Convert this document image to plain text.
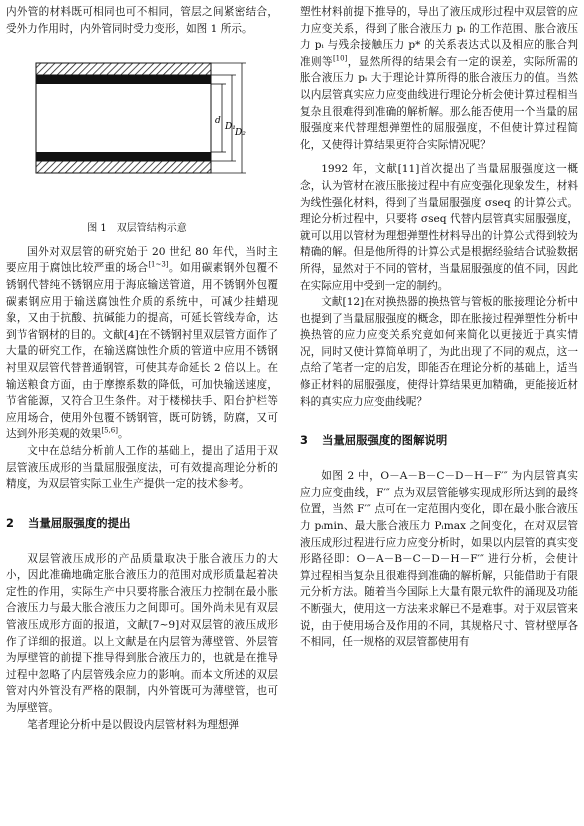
内外管的材料既可相同也可不相同，管层之间紧密结合，受外力作用时，内外管同时受力变形，如图 1 所示。

d
D₁
D₂
图 1 双层管结构示意

国外对双层管的研究始于 20 世纪 80 年代，当时主要应用于腐蚀比较严重的场合[1~3]。如用碳素钢外包覆不锈钢代替纯不锈钢应用于海底输送管道，用不锈钢外包覆碳素钢应用于输送腐蚀性介质的系统中，可减少挂蜡现象，又由于抗酸、抗碱能力的提高，可延长管线寿命，达到节省钢材的目的。文献[4]在不锈钢衬里双层管方面作了大量的研究工作，在输送腐蚀性介质的管道中应用不锈钢衬里双层管代替普通钢管，可使其寿命延长 2 倍以上。在输送粮食方面，由于摩擦系数的降低，可加快输送速度，节省能源，又符合卫生条件。对于楼梯扶手、阳台护栏等应用场合，使用外包覆不锈钢管，既可防锈，防腐，又可达到外形美观的效果[5,6]。

文中在总结分析前人工作的基础上，提出了适用于双层管液压成形的当量屈服强度法，可有效提高理论分析的精度，为双层管实际工业生产提供一定的技术参考。

2 当量屈服强度的提出

双层管液压成形的产品质量取决于胀合液压力的大小，因此准确地确定胀合液压力的范围对成形质量起着决定性的作用，实际生产中只要将胀合液压力控制在最小胀合液压力与最大胀合液压力之间即可。国外尚未见有双层管液压成形方面的报道，文献[7~9]对双层管的液压成形作了详细的报道。以上文献是在内层管为薄壁管、外层管为厚壁管的前提下推导得到胀合液压力的，也就是在推导过程中忽略了内层管残余应力的影响。而本文所述的双层管对内外管没有严格的限制，内外管既可为薄壁管，也可为厚壁管。

笔者理论分析中是以假设内层管材料为理想弹

塑性材料前提下推导的，导出了液压成形过程中双层管的应力应变关系，得到了胀合液压力 pᵢ 的工作范围、胀合液压力 pᵢ 与残余接触压力 p* 的关系表达式以及相应的胀合判准则等[10]，显然所得的结果会有一定的误差，实际所需的胀合液压力 pᵢ 大于理论计算所得的胀合液压力的值。当然以内层管真实应力应变曲线进行理论分析会使计算过程相当复杂且很难得到准确的解析解。那么能否使用一个当量的屈服强度来代替理想弹塑性的屈服强度，不但使计算过程简化，又使得计算结果更符合实际情况呢？

1992 年，文献[11]首次提出了当量屈服强度这一概念，认为管材在液压胀接过程中有应变强化现象发生，材料为线性强化材料，得到了当量屈服强度 σseq 的计算公式。理论分析过程中，只要将 σseq 代替内层管真实屈服强度，就可以用以管材为理想弹塑性材料导出的计算公式得到较为精确的解。但是他所得的计算公式是根据经验结合试验数据所得，显然对于不同的管材，当量屈服强度的值不同，因此在实际应用中受到一定的制约。

文献[12]在对换热器的换热管与管板的胀接理论分析中也提到了当量屈服强度的概念，即在胀接过程弹塑性分析中换热管的应力应变关系究竟如何来简化以更接近于真实情况，同时又使计算简单明了，为此出现了不同的观点，这一点给了笔者一定的启发，即能否在理论分析的基础上，适当修正材料的屈服强度，使得计算结果更加精确，更能接近材料的真实应力应变曲线呢？

3 当量屈服强度的图解说明

如图 2 中，O－A－B－C－D－H－F′″ 为内层管真实应力应变曲线，F′″ 点为双层管能够实现成形所达到的最终位置，当然 F′″ 点可在一定范围内变化，即在最小胀合液压力 pᵢmin、最大胀合液压力 Pᵢmax 之间变化，在对双层管液压成形过程进行应力应变分析时，如果以内层管的真实变形路径即：O－A－B－C－D－H－F′″ 进行分析，会使计算过程相当复杂且很难得到准确的解析解，只能借助于有限元分析方法。随着当今国际上大量有限元软件的涌现及功能不断强大，使用这一方法来求解已不是难事。对于双层管来说，由于使用场合及作用的不同，其规格尺寸、管材壁厚各不相同，任一规格的双层管都使用有
